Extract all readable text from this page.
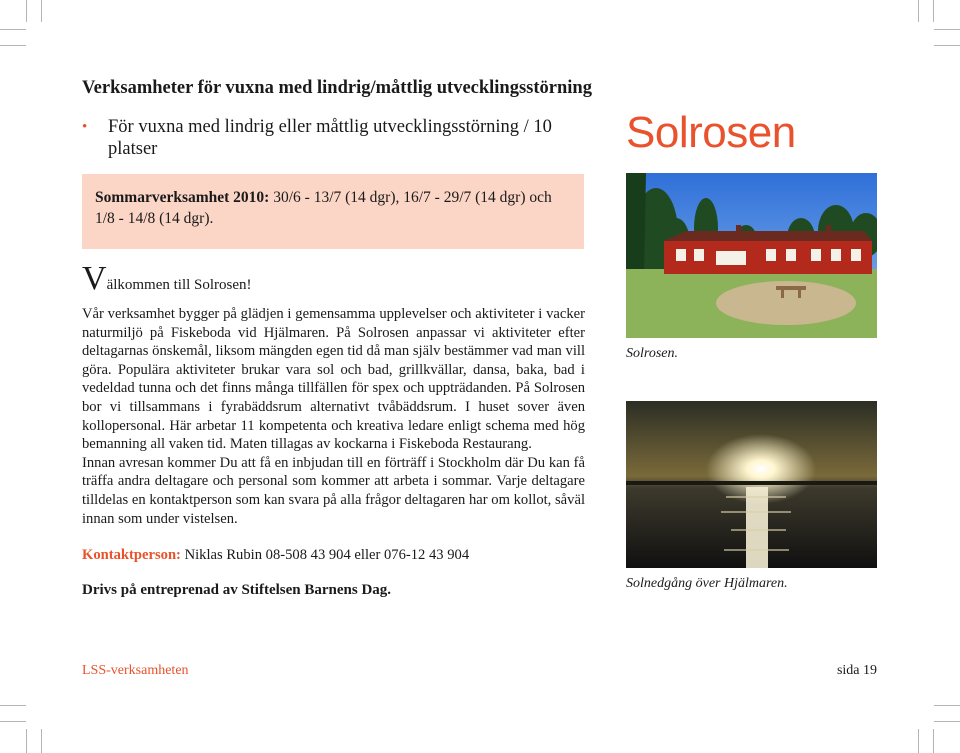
Verksamheter för vuxna med lindrig/måttlig utvecklingsstörning
•	För vuxna med lindrig eller måttlig utvecklingsstörning / 10 platser	Solrosen
Sommarverksamhet 2010: 30/6 - 13/7 (14 dgr), 16/7 - 29/7 (14 dgr) och 1/8 - 14/8 (14 dgr).
Välkommen till Solrosen!

Vår verksamhet bygger på glädjen i gemensamma upplevelser och aktiviteter i vacker naturmiljö på Fiskeboda vid Hjälmaren. På Solrosen anpassar vi aktiviteter efter deltagarnas önskemål, liksom mängden egen tid då man själv bestämmer vad man vill göra. Populära aktiviteter brukar vara sol och bad, grillkvällar, dansa, baka, bad i vedeldad tunna och det finns många tillfällen för spex och uppträdanden. På Solrosen bor vi tillsammans i fyrabäddsrum alternativt tvåbäddsrum. I huset sover även kollopersonal. Här arbetar 11 kompetenta och kreativa ledare enligt schema med hög bemanning all vaken tid. Maten tillagas av kockarna i Fiskeboda Restaurang.

Innan avresan kommer Du att få en inbjudan till en förträff i Stockholm där Du kan få träffa andra deltagare och personal som kommer att arbeta i sommar. Varje deltagare tilldelas en kontaktperson som kan svara på alla frågor deltagaren har om kollot, såväl innan som under vistelsen.

Kontaktperson: Niklas Rubin 08-508 43 904 eller 076-12 43 904
Drivs på entreprenad av Stiftelsen Barnens Dag.
Solrosen.
Solnedgång över Hjälmaren.
LSS-verksamheten	sida 19
